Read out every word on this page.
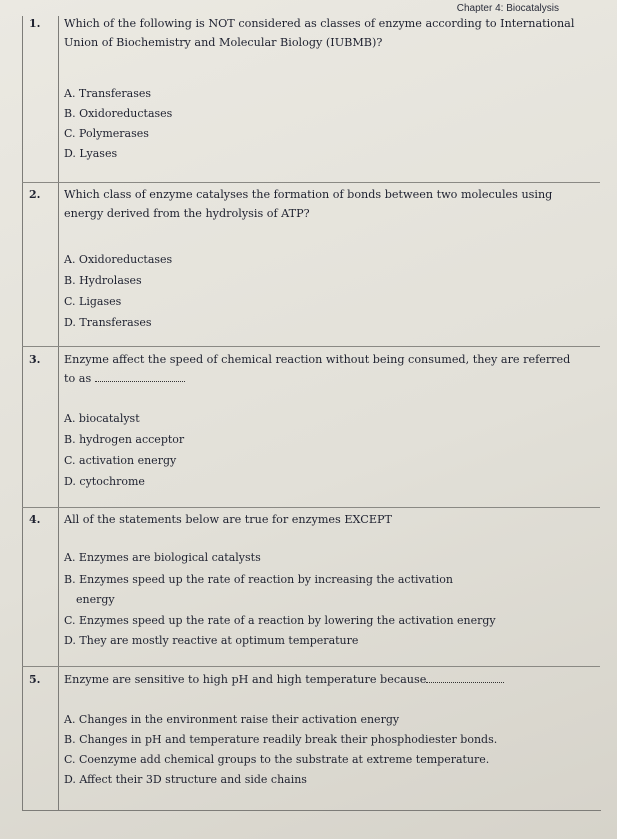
Chapter 4: Biocatalysis
1. Which of the following is NOT considered as classes of enzyme according to International Union of Biochemistry and Molecular Biology (IUBMB)?
A. Transferases
B. Oxidoreductases
C. Polymerases
D. Lyases
2. Which class of enzyme catalyses the formation of bonds between two molecules using energy derived from the hydrolysis of ATP?
A. Oxidoreductases
B. Hydrolases
C. Ligases
D. Transferases
3. Enzyme affect the speed of chemical reaction without being consumed, they are referred
to as
A. biocatalyst
B. hydrogen acceptor
C. activation energy
D. cytochrome
4. All of the statements below are true for enzymes EXCEPT
A. Enzymes are biological catalysts
B. Enzymes speed up the rate of reaction by increasing the activation
energy
C. Enzymes speed up the rate of a reaction by lowering the activation energy
D. They are mostly reactive at optimum temperature
5. Enzyme are sensitive to high pH and high temperature because
A. Changes in the environment raise their activation energy
B. Changes in pH and temperature readily break their phosphodiester bonds.
C. Coenzyme add chemical groups to the substrate at extreme temperature.
D. Affect their 3D structure and side chains
